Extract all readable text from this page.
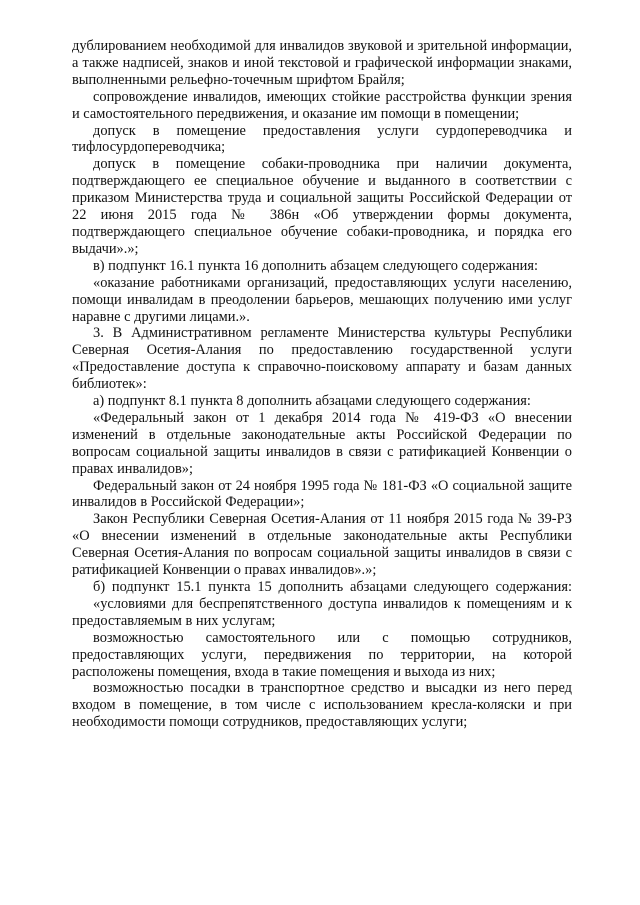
дублированием необходимой для инвалидов звуковой и зрительной информации, а также надписей, знаков и иной текстовой и графической информации знаками, выполненными рельефно-точечным шрифтом Брайля;

сопровождение инвалидов, имеющих стойкие расстройства функции зрения и самостоятельного передвижения, и оказание им помощи в помещении;

допуск в помещение предоставления услуги сурдопереводчика и тифлосурдопереводчика;

допуск в помещение собаки-проводника при наличии документа, подтверждающего ее специальное обучение и выданного в соответствии с приказом Министерства труда и социальной защиты Российской Федерации от 22 июня 2015 года № 386н «Об утверждении формы документа, подтверждающего специальное обучение собаки-проводника, и порядка его выдачи».»;

в) подпункт 16.1 пункта 16 дополнить абзацем следующего содержания:

«оказание работниками организаций, предоставляющих услуги населению, помощи инвалидам в преодолении барьеров, мешающих получению ими услуг наравне с другими лицами.».

3. В Административном регламенте Министерства культуры Республики Северная Осетия-Алания по предоставлению государственной услуги «Предоставление доступа к справочно-поисковому аппарату и базам данных библиотек»:

а) подпункт 8.1 пункта 8 дополнить абзацами следующего содержания:

«Федеральный закон от 1 декабря 2014 года № 419-ФЗ «О внесении изменений в отдельные законодательные акты Российской Федерации по вопросам социальной защиты инвалидов в связи с ратификацией Конвенции о правах инвалидов»;

Федеральный закон от 24 ноября 1995 года № 181-ФЗ «О социальной защите инвалидов в Российской Федерации»;

Закон Республики Северная Осетия-Алания от 11 ноября 2015 года № 39-РЗ «О внесении изменений в отдельные законодательные акты Республики Северная Осетия-Алания по вопросам социальной защиты инвалидов в связи с ратификацией Конвенции о правах инвалидов».»;

б) подпункт 15.1 пункта 15 дополнить абзацами следующего содержания:

«условиями для беспрепятственного доступа инвалидов к помещениям и к предоставляемым в них услугам;

возможностью самостоятельного или с помощью сотрудников, предоставляющих услуги, передвижения по территории, на которой расположены помещения, входа в такие помещения и выхода из них;

возможностью посадки в транспортное средство и высадки из него перед входом в помещение, в том числе с использованием кресла-коляски и при необходимости помощи сотрудников, предоставляющих услуги;
